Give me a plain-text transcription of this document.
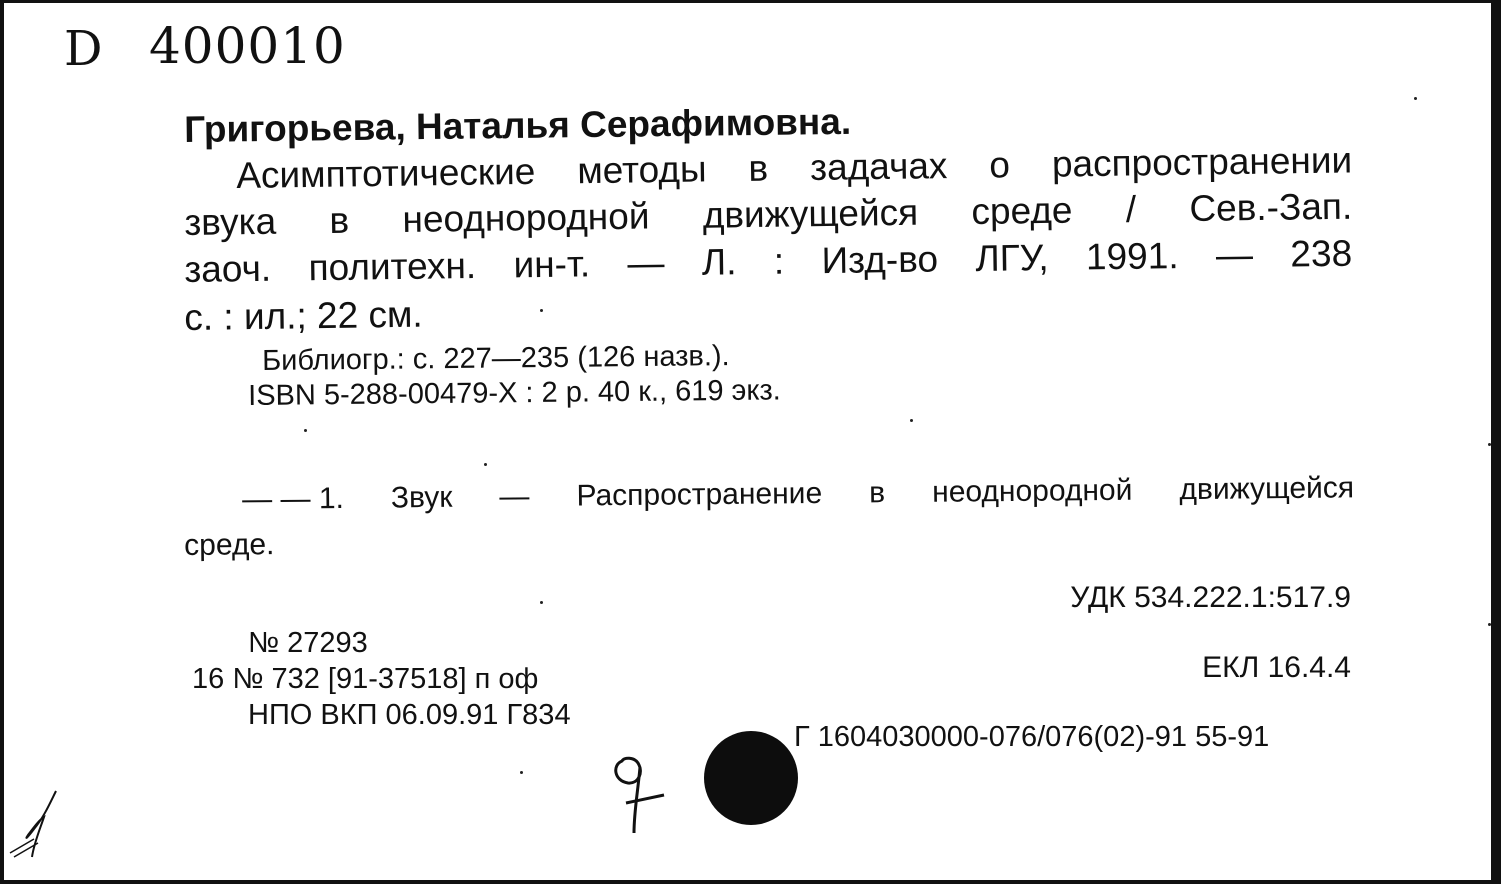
D 400010
Григорьева, Наталья Серафимовна.
Асимптотические методы в задачах о распространении
звука в неоднородной движущейся среде / Сев.-Зап.
заоч. политехн. ин-т. — Л. : Изд-во ЛГУ, 1991. — 238
с. : ил.; 22 см.
Библиогр.: с. 227—235 (126 назв.).
ISBN 5-288-00479-X : 2 р. 40 к., 619 экз.
— — 1. Звук — Распространение в неоднородной движущейся
среде.
УДК 534.222.1:517.9
ЕКЛ 16.4.4
№ 27293
16 № 732 [91-37518] п оф
НПО ВКП 06.09.91 Г834
Г 1604030000-076/076(02)-91 55-91
